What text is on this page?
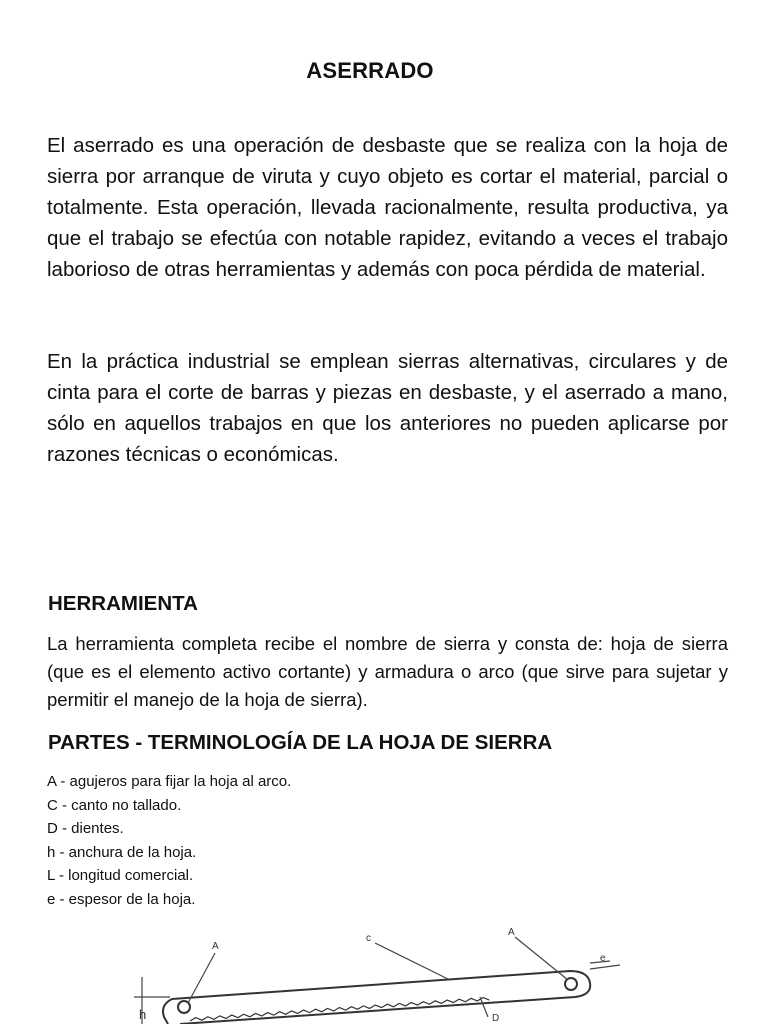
ASERRADO

El aserrado es una operación de desbaste que se realiza con la hoja de sierra por arranque de viruta y cuyo objeto es cortar el material, parcial o totalmente. Esta operación, llevada racionalmente, resulta productiva, ya que el trabajo se efectúa con notable rapidez, evitando a veces el trabajo laborioso de otras herramientas y además con poca pérdida de material.

En la práctica industrial se emplean sierras alternativas, circulares y de cinta para el corte de barras y piezas en desbaste, y el aserrado a mano, sólo en aquellos trabajos en que los anteriores no pueden aplicarse por razones técnicas o económicas.

HERRAMIENTA

La herramienta completa recibe el nombre de sierra y consta de: hoja de sierra (que es el elemento activo cortante) y armadura o arco (que sirve para sujetar y permitir el manejo de la hoja de sierra).

PARTES - TERMINOLOGÍA DE LA HOJA DE SIERRA
A - agujeros para fijar la hoja al arco.
C - canto no tallado.
D - dientes.
h - anchura de la hoja.
L - longitud comercial.
e - espesor de la hoja.
A
c
A
e
h	D
